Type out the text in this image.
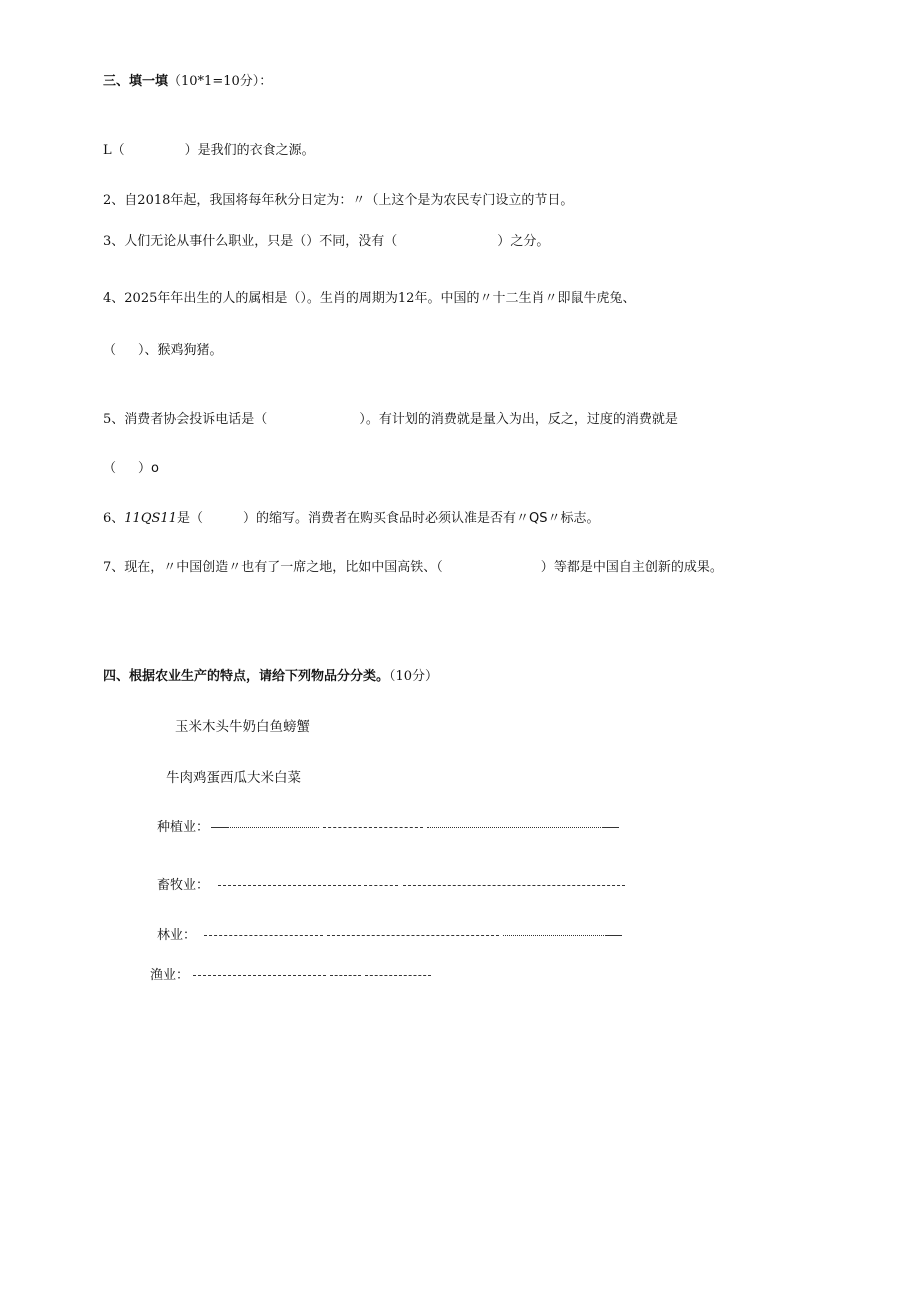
三、填一填（10*1=10分）：
L（	）是我们的衣食之源。
2、自2018年起，我国将每年秋分日定为：〃（上这个是为农民专门设立的节日。
3、人们无论从事什么职业，只是（）不同，没有（	）之分。
4、2025年年出生的人的属相是（）。生肖的周期为12年。中国的〃十二生肖〃即鼠牛虎兔、
（ ）、猴鸡狗猪。
5、消费者协会投诉电话是（	）。有计划的消费就是量入为出，反之，过度的消费就是
（ ）o
6、11QS11是（	）的缩写。消费者在购买食品时必须认准是否有〃QS〃标志。
7、现在，〃中国创造〃也有了一席之地，比如中国高铁、（	）等都是中国自主创新的成果。
四、根据农业生产的特点，请给下列物品分分类。（10分）
玉米木头牛奶白鱼螃蟹
牛肉鸡蛋西瓜大米白菜
种植业：
畜牧业：
林业：
渔业：
